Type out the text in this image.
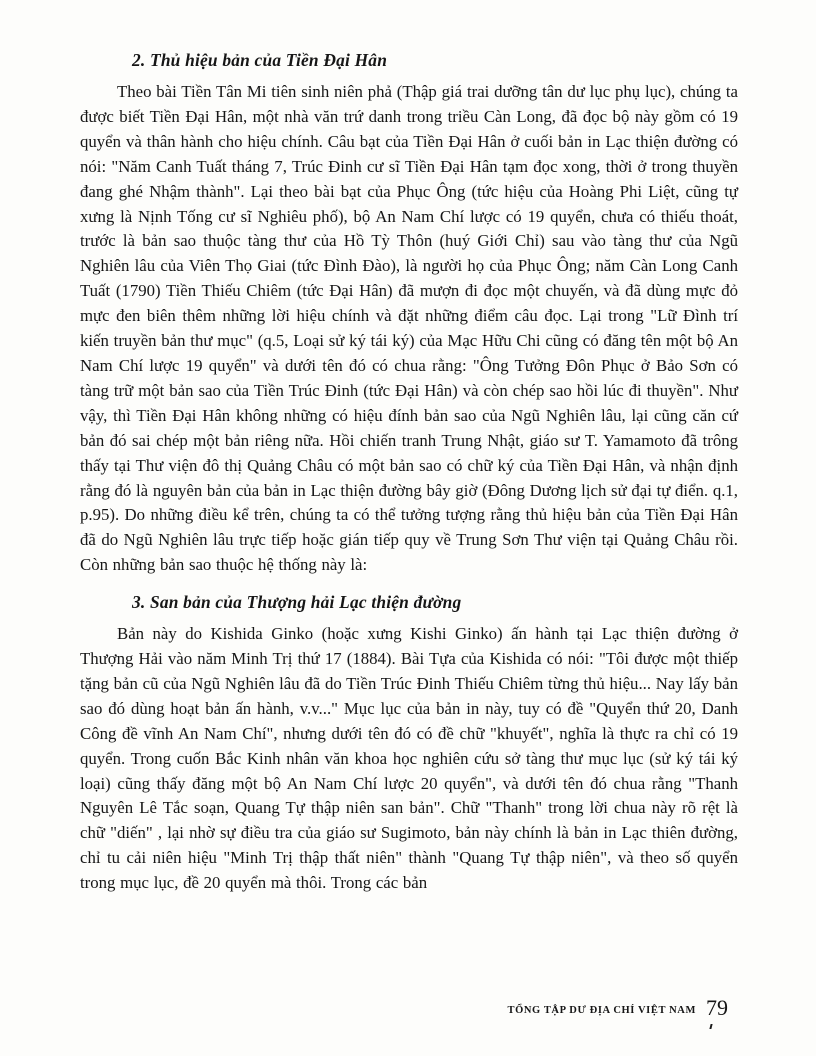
2. Thủ hiệu bản của Tiền Đại Hân

Theo bài Tiền Tân Mi tiên sinh niên phả (Thập giá trai dưỡng tân dư lục phụ lục), chúng ta được biết Tiền Đại Hân, một nhà văn trứ danh trong triều Càn Long, đã đọc bộ này gồm có 19 quyển và thân hành cho hiệu chính. Câu bạt của Tiền Đại Hân ở cuối bản in Lạc thiện đường có nói: "Năm Canh Tuất tháng 7, Trúc Đinh cư sĩ Tiền Đại Hân tạm đọc xong, thời ở trong thuyền đang ghé Nhậm thành". Lại theo bài bạt của Phục Ông (tức hiệu của Hoàng Phi Liệt, cũng tự xưng là Nịnh Tống cư sĩ Nghiêu phố), bộ An Nam Chí lược có 19 quyển, chưa có thiếu thoát, trước là bản sao thuộc tàng thư của Hồ Tỳ Thôn (huý Giới Chỉ) sau vào tàng thư của Ngũ Nghiên lâu của Viên Thọ Giai (tức Đình Đào), là người họ của Phục Ông; năm Càn Long Canh Tuất (1790) Tiền Thiếu Chiêm (tức Đại Hân) đã mượn đi đọc một chuyến, và đã dùng mực đỏ mực đen biên thêm những lời hiệu chính và đặt những điểm câu đọc. Lại trong "Lữ Đình trí kiến truyền bản thư mục" (q.5, Loại sử ký tái ký) của Mạc Hữu Chi cũng có đăng tên một bộ An Nam Chí lược 19 quyển" và dưới tên đó có chua rằng: "Ông Tưởng Đôn Phục ở Bảo Sơn có tàng trữ một bản sao của Tiền Trúc Đinh (tức Đại Hân) và còn chép sao hồi lúc đi thuyền". Như vậy, thì Tiền Đại Hân không những có hiệu đính bản sao của Ngũ Nghiên lâu, lại cũng căn cứ bản đó sai chép một bản riêng nữa. Hồi chiến tranh Trung Nhật, giáo sư T. Yamamoto đã trông thấy tại Thư viện đô thị Quảng Châu có một bản sao có chữ ký của Tiền Đại Hân, và nhận định rằng đó là nguyên bản của bản in Lạc thiện đường bây giờ (Đông Dương lịch sử đại tự điển. q.1, p.95). Do những điều kể trên, chúng ta có thể tưởng tượng rằng thủ hiệu bản của Tiền Đại Hân đã do Ngũ Nghiên lâu trực tiếp hoặc gián tiếp quy về Trung Sơn Thư viện tại Quảng Châu rồi. Còn những bản sao thuộc hệ thống này là:

3. San bản của Thượng hải Lạc thiện đường

Bản này do Kishida Ginko (hoặc xưng Kishi Ginko) ấn hành tại Lạc thiện đường ở Thượng Hải vào năm Minh Trị thứ 17 (1884). Bài Tựa của Kishida có nói: "Tôi được một thiếp tặng bản cũ của Ngũ Nghiên lâu đã do Tiền Trúc Đinh Thiếu Chiêm từng thủ hiệu... Nay lấy bản sao đó dùng hoạt bản ấn hành, v.v..." Mục lục của bản in này, tuy có đề "Quyển thứ 20, Danh Công đề vĩnh An Nam Chí", nhưng dưới tên đó có đề chữ "khuyết", nghĩa là thực ra chỉ có 19 quyển. Trong cuốn Bắc Kinh nhân văn khoa học nghiên cứu sở tàng thư mục lục (sử ký tái ký loại) cũng thấy đăng một bộ An Nam Chí lược 20 quyển", và dưới tên đó chua rằng "Thanh Nguyên Lê Tắc soạn, Quang Tự thập niên san bản". Chữ "Thanh" trong lời chua này rõ rệt là chữ "diến" , lại nhờ sự điều tra của giáo sư Sugimoto, bản này chính là bản in Lạc thiên đường, chỉ tu cải niên hiệu "Minh Trị thập thất niên" thành "Quang Tự thập niên", và theo số quyển trong mục lục, đề 20 quyển mà thôi. Trong các bản

TỔNG TẬP DƯ ĐỊA CHÍ VIỆT NAM 79
